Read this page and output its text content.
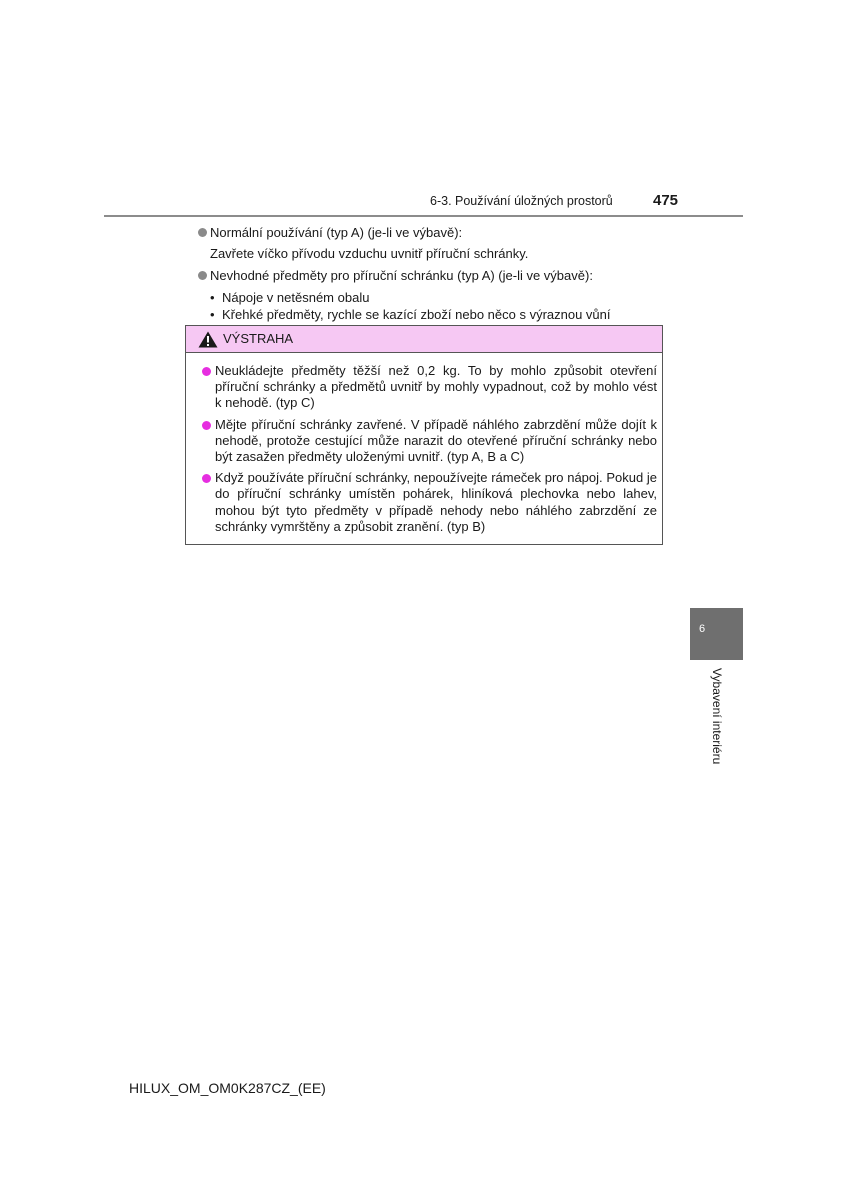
6-3. Používání úložných prostorů	475
Normální používání (typ A) (je-li ve výbavě):
Zavřete víčko přívodu vzduchu uvnitř příruční schránky.
Nevhodné předměty pro příruční schránku (typ A) (je-li ve výbavě):
• Nápoje v netěsném obalu
• Křehké předměty, rychle se kazící zboží nebo něco s výraznou vůní
VÝSTRAHA
Neukládejte předměty těžší než 0,2 kg. To by mohlo způsobit otevření příruční schránky a předmětů uvnitř by mohly vypadnout, což by mohlo vést k nehodě. (typ C)
Mějte příruční schránky zavřené. V případě náhlého zabrzdění může dojít k nehodě, protože cestující může narazit do otevřené příruční schránky nebo být zasažen předměty uloženými uvnitř. (typ A, B a C)
Když používáte příruční schránky, nepoužívejte rámeček pro nápoj. Pokud je do příruční schránky umístěn pohárek, hliníková plechovka nebo lahev, mohou být tyto předměty v případě nehody nebo náhlého zabrzdění ze schránky vymrštěny a způsobit zranění. (typ B)
6
Vybavení interiéru
HILUX_OM_OM0K287CZ_(EE)
